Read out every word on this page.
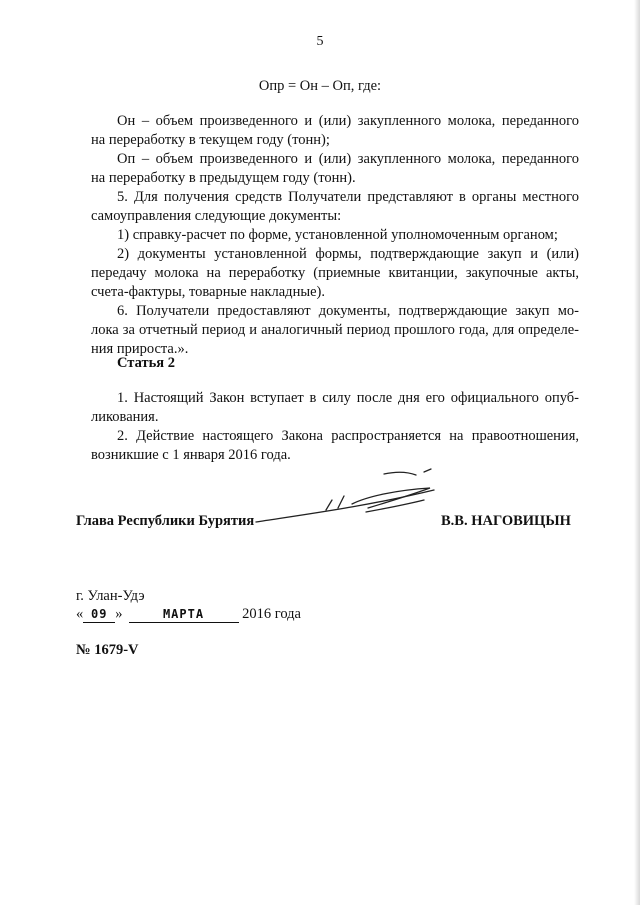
5
Опр = Он – Оп, где:

Он – объем произведенного и (или) закупленного молока, переданного

на переработку в текущем году (тонн);

Оп – объем произведенного и (или) закупленного молока, переданного

на переработку в предыдущем году (тонн).

5. Для получения средств Получатели представляют в органы местного

самоуправления следующие документы:

1) справку-расчет по форме, установленной уполномоченным органом;

2) документы установленной формы, подтверждающие закуп и (или)

передачу молока на переработку (приемные квитанции, закупочные акты,

счета-фактуры, товарные накладные).

6. Получатели предоставляют документы, подтверждающие закуп мо-

лока за отчетный период и аналогичный период прошлого года, для определе-

ния прироста.».

Статья 2

1. Настоящий Закон вступает в силу после дня его официального опуб-

ликования.

2. Действие настоящего Закона распространяется на правоотношения,

возникшие с 1 января 2016 года.

Глава Республики Бурятия	В.В. НАГОВИЦЫН
г. Улан-Удэ
« 09 »	МАРТА	2016 года
№ 1679-V
